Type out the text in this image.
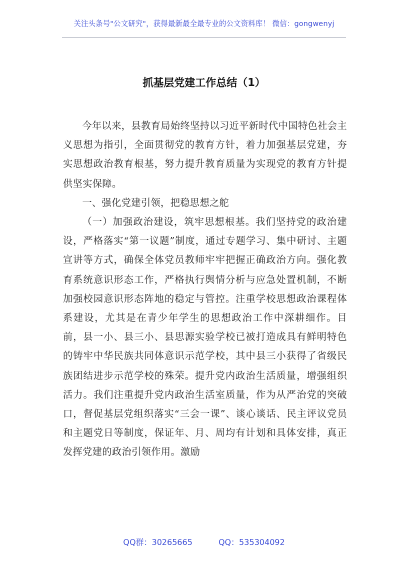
关注头条号"公文研究"，获得最新最全最专业的公文资料库！ 微信：gongwenyj
抓基层党建工作总结（1）

今年以来，县教育局始终坚持以习近平新时代中国特色社会主义思想为指引，全面贯彻党的教育方针，着力加强基层党建，夯实思想政治教育根基，努力提升教育质量为实现党的教育方针提供坚实保障。

一、强化党建引领，把稳思想之舵

（一）加强政治建设，筑牢思想根基。我们坚持党的政治建设，严格落实“第一议题”制度，通过专题学习、集中研讨、主题宣讲等方式，确保全体党员教师牢牢把握正确政治方向。强化教育系统意识形态工作，严格执行舆情分析与应急处置机制，不断加强校园意识形态阵地的稳定与管控。注重学校思想政治课程体系建设，尤其是在青少年学生的思想政治工作中深耕细作。目前，县一小、县三小、县思源实验学校已被打造成具有鲜明特色的铸牢中华民族共同体意识示范学校，其中县三小获得了省级民族团结进步示范学校的殊荣。提升党内政治生活质量，增强组织活力。我们注重提升党内政治生活室质量，作为从严治党的突破口，督促基层党组织落实“三会一课”、谈心谈话、民主评议党员和主题党日等制度，保证年、月、周均有计划和具体安排，真正发挥党建的政治引领作用。激励

QQ群：30265665	QQ：535304092
